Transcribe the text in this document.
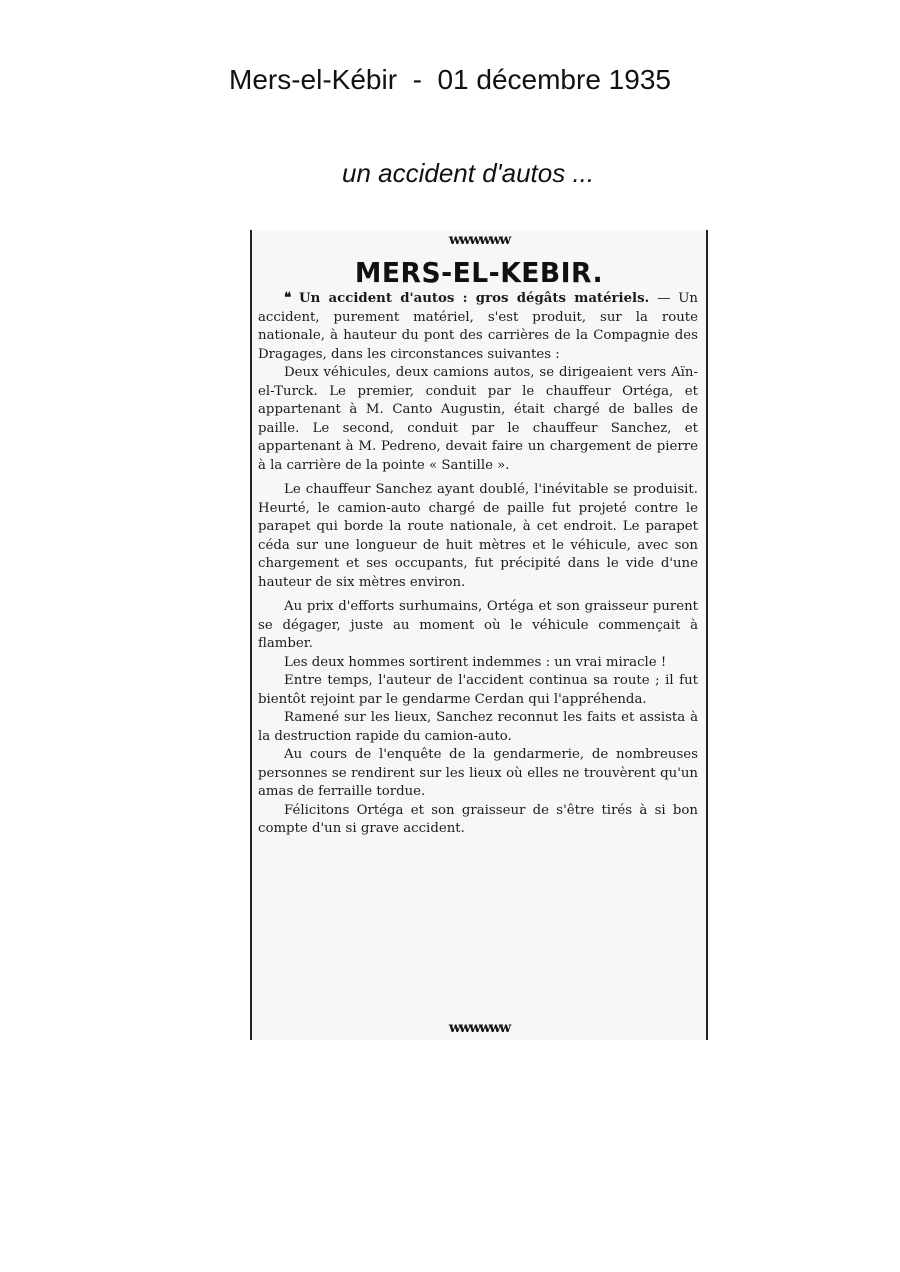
Mers-el-Kébir  -  01 décembre 1935
un accident d'autos ...
wwwwww
MERS-EL-KEBIR.

❝ Un accident d'autos : gros dégâts matériels. — Un accident, purement matériel, s'est produit, sur la route nationale, à hauteur du pont des carrières de la Compagnie des Dragages, dans les circonstances suivantes :

Deux véhicules, deux camions autos, se dirigeaient vers Aïn-el-Turck. Le premier, conduit par le chauffeur Ortéga, et appartenant à M. Canto Augustin, était chargé de balles de paille. Le second, conduit par le chauffeur Sanchez, et appartenant à M. Pedreno, devait faire un chargement de pierre à la carrière de la pointe « Santille ».

Le chauffeur Sanchez ayant doublé, l'inévitable se produisit. Heurté, le camion-auto chargé de paille fut projeté contre le parapet qui borde la route nationale, à cet endroit. Le parapet céda sur une longueur de huit mètres et le véhicule, avec son chargement et ses occupants, fut précipité dans le vide d'une hauteur de six mètres environ.

Au prix d'efforts surhumains, Ortéga et son graisseur purent se dégager, juste au moment où le véhicule commençait à flamber.

Les deux hommes sortirent indemmes : un vrai miracle !

Entre temps, l'auteur de l'accident continua sa route ; il fut bientôt rejoint par le gendarme Cerdan qui l'appréhenda.

Ramené sur les lieux, Sanchez reconnut les faits et assista à la destruction rapide du camion-auto.

Au cours de l'enquête de la gendarmerie, de nombreuses personnes se rendirent sur les lieux où elles ne trouvèrent qu'un amas de ferraille tordue.

Félicitons Ortéga et son graisseur de s'être tirés à si bon compte d'un si grave accident.

wwwwww
